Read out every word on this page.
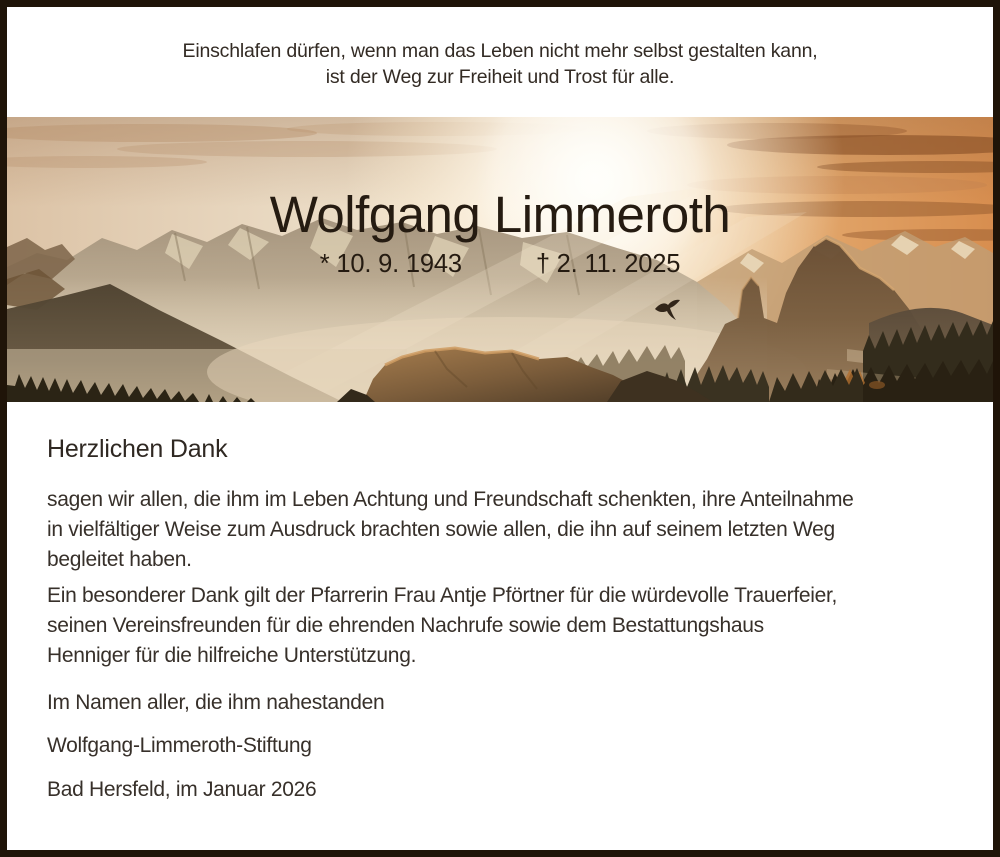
Einschlafen dürfen, wenn man das Leben nicht mehr selbst gestalten kann,
ist der Weg zur Freiheit und Trost für alle.
Wolfgang Limmeroth
* 10. 9. 1943	† 2. 11. 2025
Herzlichen Dank
sagen wir allen, die ihm im Leben Achtung und Freundschaft schenkten, ihre Anteilnahme
in vielfältiger Weise zum Ausdruck brachten sowie allen, die ihn auf seinem letzten Weg
begleitet haben.
Ein besonderer Dank gilt der Pfarrerin Frau Antje Pförtner für die würdevolle Trauerfeier,
seinen Vereinsfreunden für die ehrenden Nachrufe sowie dem Bestattungshaus
Henniger für die hilfreiche Unterstützung.
Im Namen aller, die ihm nahestanden
Wolfgang-Limmeroth-Stiftung
Bad Hersfeld, im Januar 2026
